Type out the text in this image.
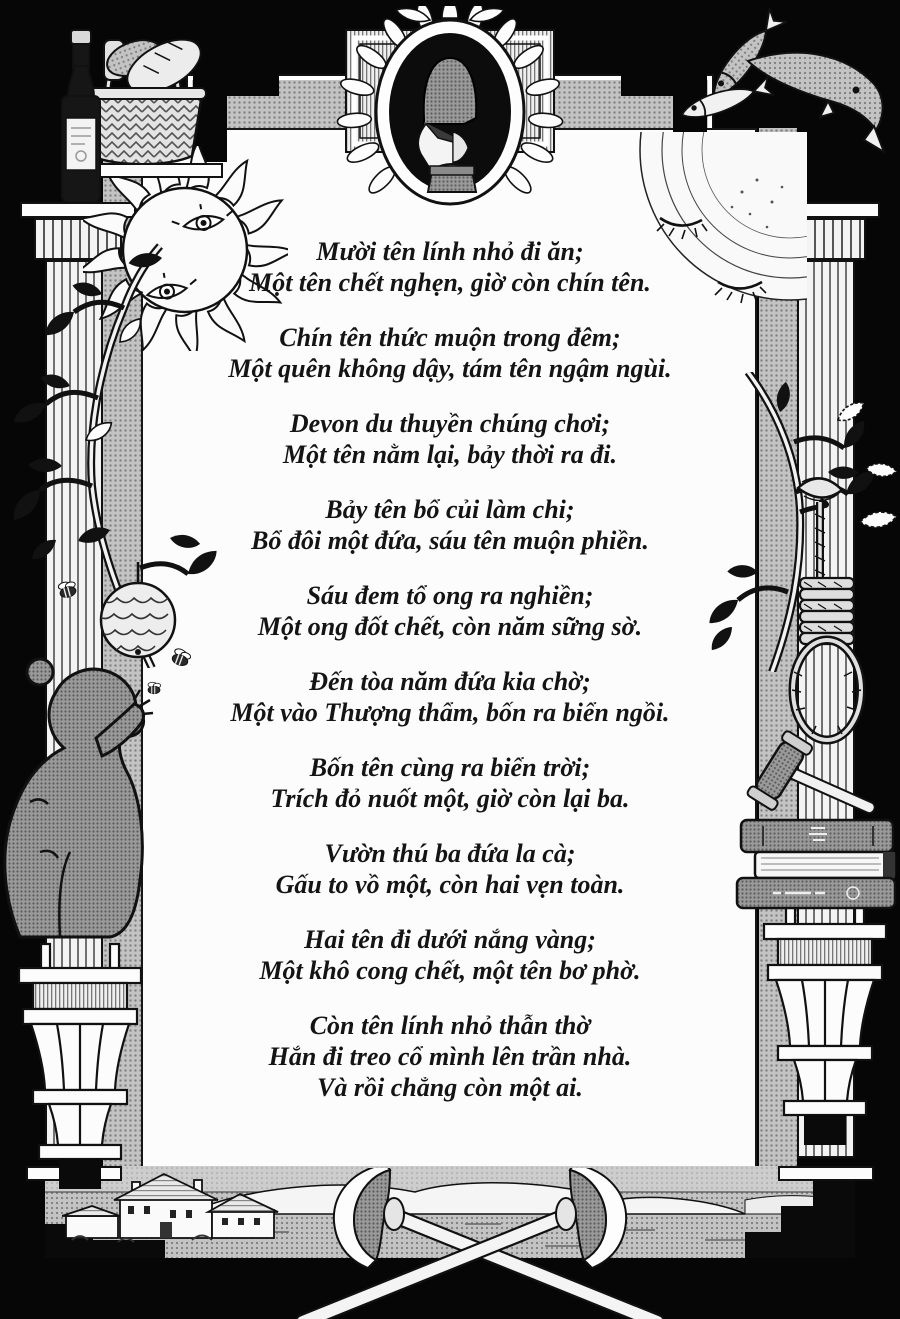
Mười tên lính nhỏ đi ăn;
Một tên chết nghẹn, giờ còn chín tên.
Chín tên thức muộn trong đêm;
Một quên không dậy, tám tên ngậm ngùi.
Devon du thuyền chúng chơi;
Một tên nằm lại, bảy thời ra đi.
Bảy tên bổ củi làm chi;
Bổ đôi một đứa, sáu tên muộn phiền.
Sáu đem tổ ong ra nghiền;
Một ong đốt chết, còn năm sững sờ.
Đến tòa năm đứa kia chờ;
Một vào Thượng thẩm, bốn ra biển ngồi.
Bốn tên cùng ra biển trời;
Trích đỏ nuốt một, giờ còn lại ba.
Vườn thú ba đứa la cà;
Gấu to vồ một, còn hai vẹn toàn.
Hai tên đi dưới nắng vàng;
Một khô cong chết, một tên bơ phờ.
Còn tên lính nhỏ thẫn thờ
Hắn đi treo cổ mình lên trần nhà.
Và rồi chẳng còn một ai.
